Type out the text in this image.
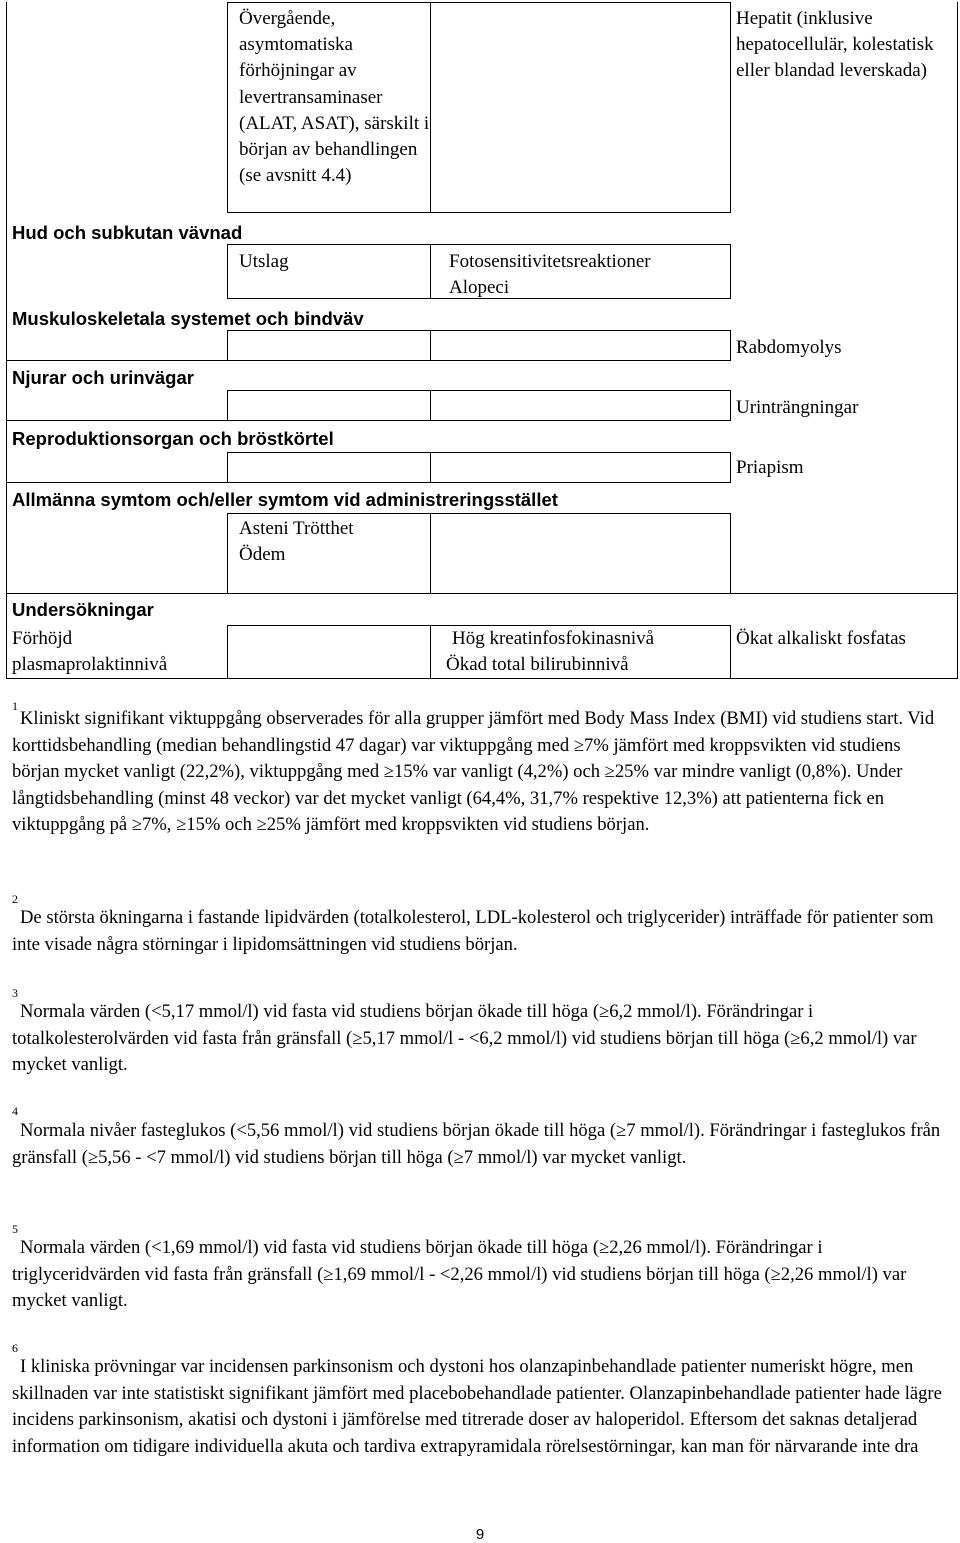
Övergående, asymtomatiska förhöjningar av levertransaminaser (ALAT, ASAT), särskilt i början av behandlingen (se avsnitt 4.4)
Hepatit (inklusive hepatocellulär, kolestatisk eller blandad leverskada)
Hud och subkutan vävnad
Utslag	Fotosensitivitetsreaktioner
Alopeci
Muskuloskeletala systemet och bindväv
Rabdomyolys
Njurar och urinvägar
Urinträngningar
Reproduktionsorgan och bröstkörtel
Priapism
Allmänna symtom och/eller symtom vid administreringsstället
Asteni Trötthet
Ödem
Undersökningar
Förhöjd
plasmaprolaktinnivå
Hög kreatinfosfokinasnivå
Ökad total bilirubinnivå
Ökat alkaliskt fosfatas
1

Kliniskt signifikant viktuppgång observerades för alla grupper jämfört med Body Mass Index (BMI) vid studiens start. Vid korttidsbehandling (median behandlingstid 47 dagar) var viktuppgång med ≥7% jämfört med kroppsvikten vid studiens början mycket vanligt (22,2%), viktuppgång med ≥15% var vanligt (4,2%) och ≥25% var mindre vanligt (0,8%). Under långtidsbehandling (minst 48 veckor) var det mycket vanligt (64,4%, 31,7% respektive 12,3%) att patienterna fick en viktuppgång på ≥7%, ≥15% och ≥25% jämfört med kroppsvikten vid studiens början.

2

De största ökningarna i fastande lipidvärden (totalkolesterol, LDL-kolesterol och triglycerider) inträffade för patienter som inte visade några störningar i lipidomsättningen vid studiens början.

3

Normala värden (<5,17 mmol/l) vid fasta vid studiens början ökade till höga (≥6,2 mmol/l). Förändringar i totalkolesterolvärden vid fasta från gränsfall (≥5,17 mmol/l - <6,2 mmol/l) vid studiens början till höga (≥6,2 mmol/l) var mycket vanligt.

4

Normala nivåer fasteglukos (<5,56 mmol/l) vid studiens början ökade till höga (≥7 mmol/l). Förändringar i fasteglukos från gränsfall (≥5,56 - <7 mmol/l) vid studiens början till höga (≥7 mmol/l) var mycket vanligt.

5

Normala värden (<1,69 mmol/l) vid fasta vid studiens början ökade till höga (≥2,26 mmol/l). Förändringar i triglyceridvärden vid fasta från gränsfall (≥1,69 mmol/l - <2,26 mmol/l) vid studiens början till höga (≥2,26 mmol/l) var mycket vanligt.

6

I kliniska prövningar var incidensen parkinsonism och dystoni hos olanzapinbehandlade patienter numeriskt högre, men skillnaden var inte statistiskt signifikant jämfört med placebobehandlade patienter. Olanzapinbehandlade patienter hade lägre incidens parkinsonism, akatisi och dystoni i jämförelse med titrerade doser av haloperidol. Eftersom det saknas detaljerad information om tidigare individuella akuta och tardiva extrapyramidala rörelsestörningar, kan man för närvarande inte dra

9
